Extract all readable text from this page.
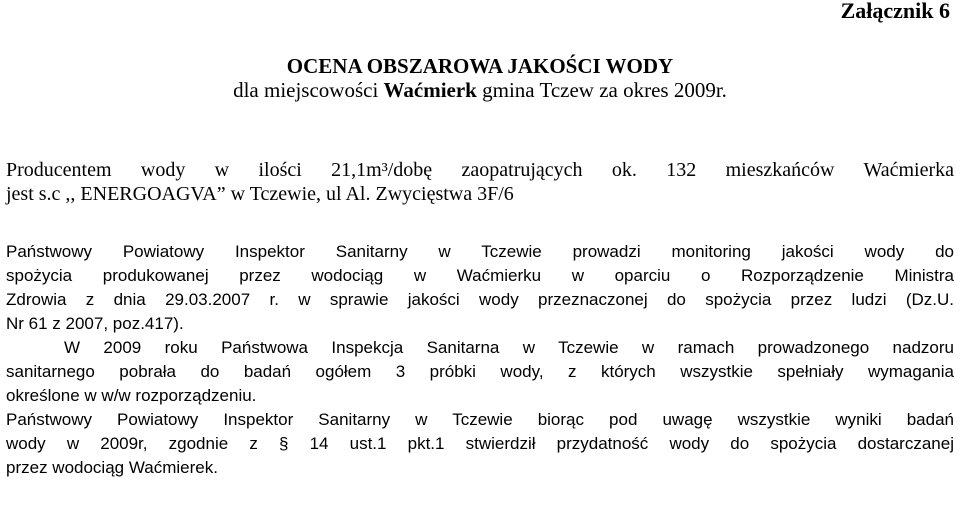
Załącznik 6
OCENA OBSZAROWA JAKOŚCI WODY
dla miejscowości Waćmierk gmina Tczew za okres 2009r.
Producentem wody w ilości 21,1m³/dobę zaopatrujących ok. 132 mieszkańców Waćmierka
jest s.c ,, ENERGOAGVA” w Tczewie, ul Al. Zwycięstwa 3F/6
Państwowy Powiatowy Inspektor Sanitarny w Tczewie prowadzi monitoring jakości wody do
spożycia produkowanej przez wodociąg w Waćmierku w oparciu o Rozporządzenie Ministra
Zdrowia z dnia 29.03.2007 r. w sprawie jakości wody przeznaczonej do spożycia przez ludzi (Dz.U.
Nr 61 z 2007, poz.417).
W 2009 roku Państwowa Inspekcja Sanitarna w Tczewie w ramach prowadzonego nadzoru
sanitarnego pobrała do badań ogółem 3 próbki wody, z których wszystkie spełniały wymagania
określone w w/w rozporządzeniu.
Państwowy Powiatowy Inspektor Sanitarny w Tczewie biorąc pod uwagę wszystkie wyniki badań
wody w 2009r, zgodnie z § 14 ust.1 pkt.1 stwierdził przydatność wody do spożycia dostarczanej
przez wodociąg Waćmierek.
